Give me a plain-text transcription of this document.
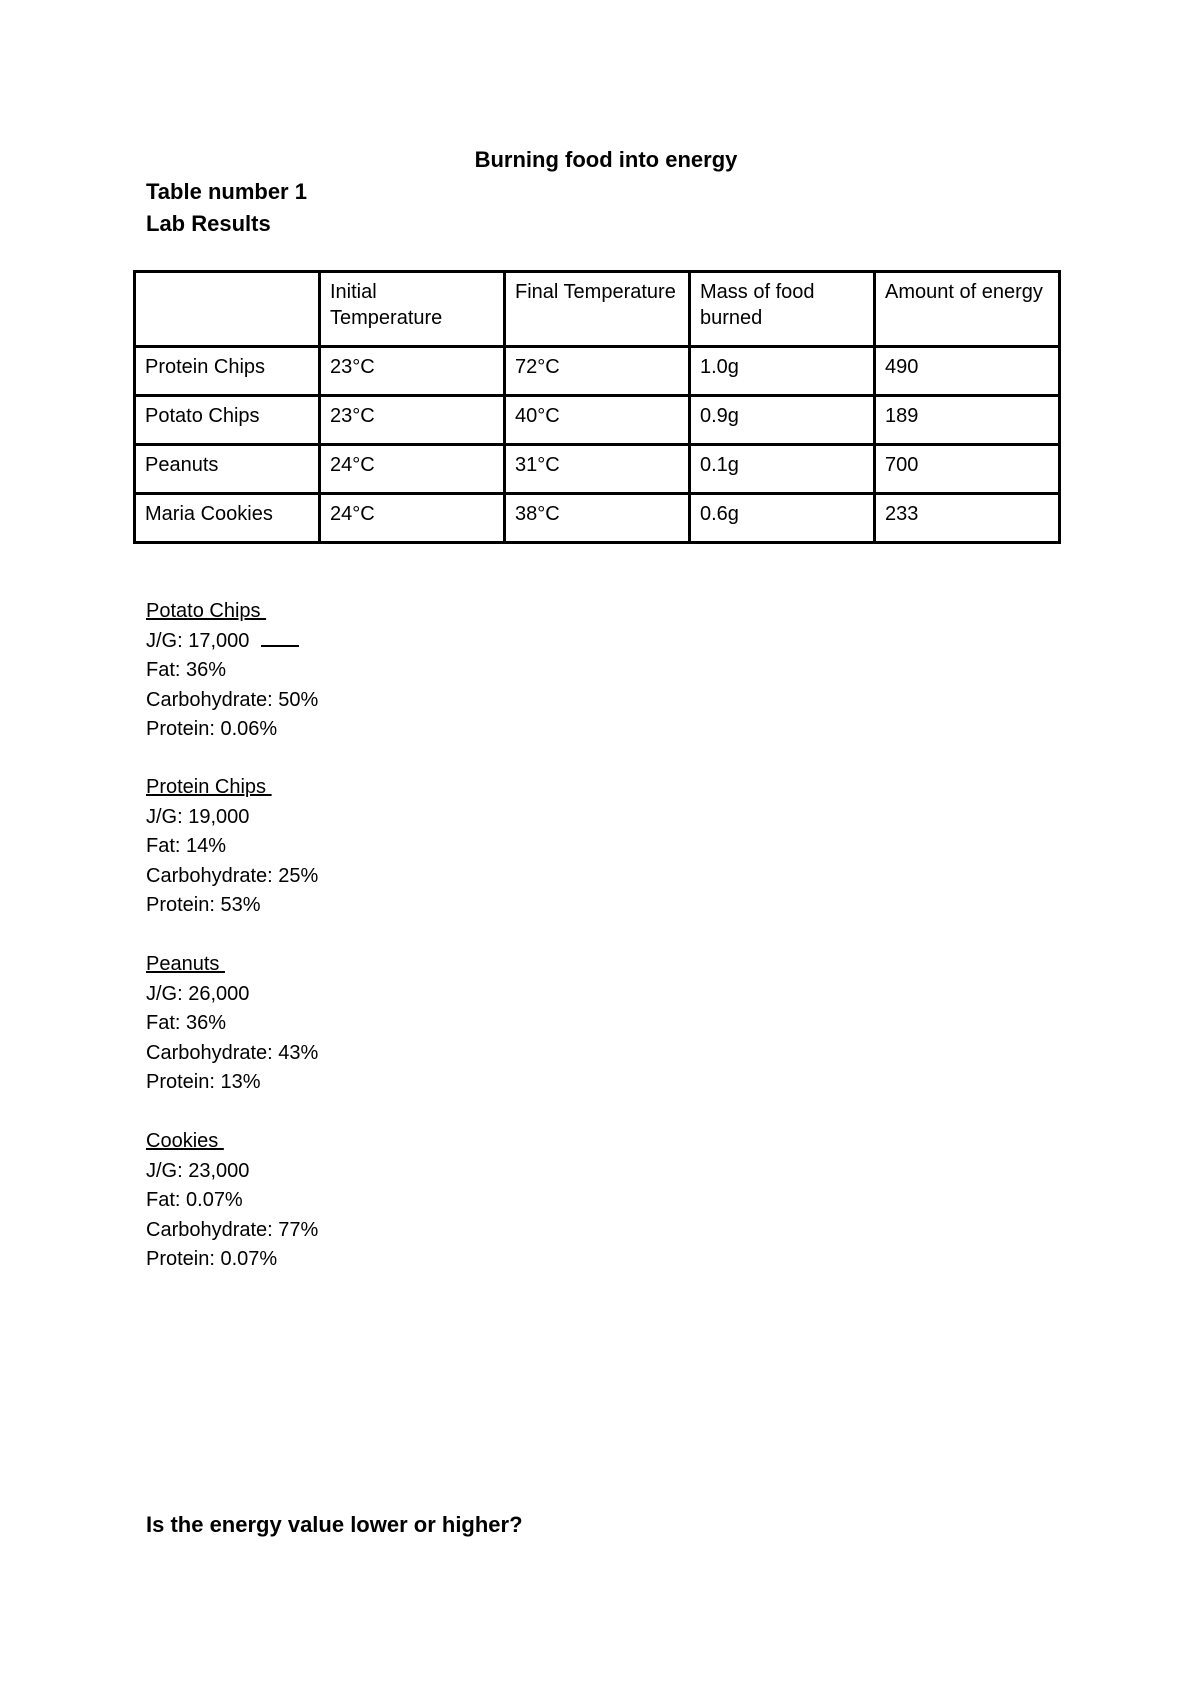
Burning food into energy
Table number 1
Lab Results
	Initial Temperature	Final Temperature	Mass of food burned	Amount of energy
Protein Chips	23°C	72°C	1.0g	490
Potato Chips	23°C	40°C	0.9g	189
Peanuts	24°C	31°C	0.1g	700
Maria Cookies	24°C	38°C	0.6g	233
Potato Chips
J/G: 17,000
Fat: 36%
Carbohydrate: 50%
Protein: 0.06%
Protein Chips
J/G: 19,000
Fat: 14%
Carbohydrate: 25%
Protein: 53%
Peanuts
J/G: 26,000
Fat: 36%
Carbohydrate: 43%
Protein: 13%
Cookies
J/G: 23,000
Fat: 0.07%
Carbohydrate: 77%
Protein: 0.07%
Is the energy value lower or higher?
